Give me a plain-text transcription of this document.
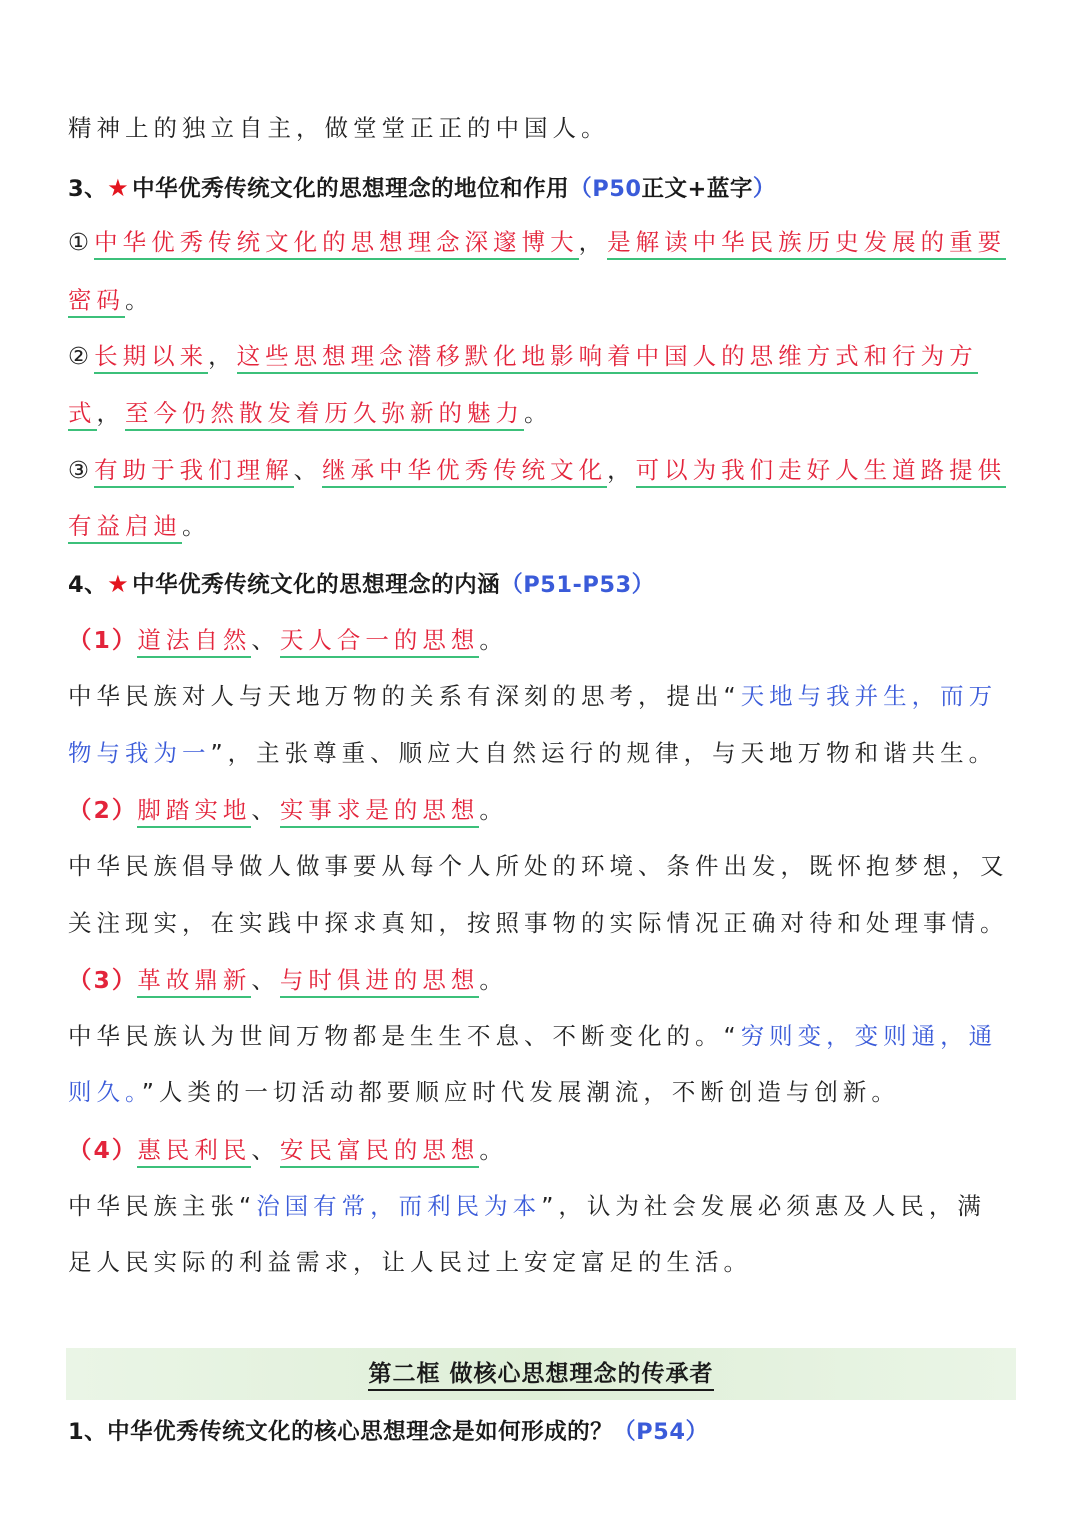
精神上的独立自主，做堂堂正正的中国人。
3、★ 中华优秀传统文化的思想理念的地位和作用（P50正文+蓝字）
①中华优秀传统文化的思想理念深邃博大，是解读中华民族历史发展的重要
密码。
②长期以来，这些思想理念潜移默化地影响着中国人的思维方式和行为方
式，至今仍然散发着历久弥新的魅力。
③有助于我们理解、继承中华优秀传统文化，可以为我们走好人生道路提供
有益启迪。
4、★ 中华优秀传统文化的思想理念的内涵（P51-P53）
（1）道法自然、天人合一的思想。
中华民族对人与天地万物的关系有深刻的思考，提出“天地与我并生，而万
物与我为一”，主张尊重、顺应大自然运行的规律，与天地万物和谐共生。
（2）脚踏实地、实事求是的思想。
中华民族倡导做人做事要从每个人所处的环境、条件出发，既怀抱梦想，又
关注现实，在实践中探求真知，按照事物的实际情况正确对待和处理事情。
（3）革故鼎新、与时俱进的思想。
中华民族认为世间万物都是生生不息、不断变化的。“穷则变，变则通，通
则久。”人类的一切活动都要顺应时代发展潮流，不断创造与创新。
（4）惠民利民、安民富民的思想。
中华民族主张“治国有常，而利民为本”，认为社会发展必须惠及人民，满
足人民实际的利益需求，让人民过上安定富足的生活。
第二框 做核心思想理念的传承者
1、中华优秀传统文化的核心思想理念是如何形成的？（P54）
